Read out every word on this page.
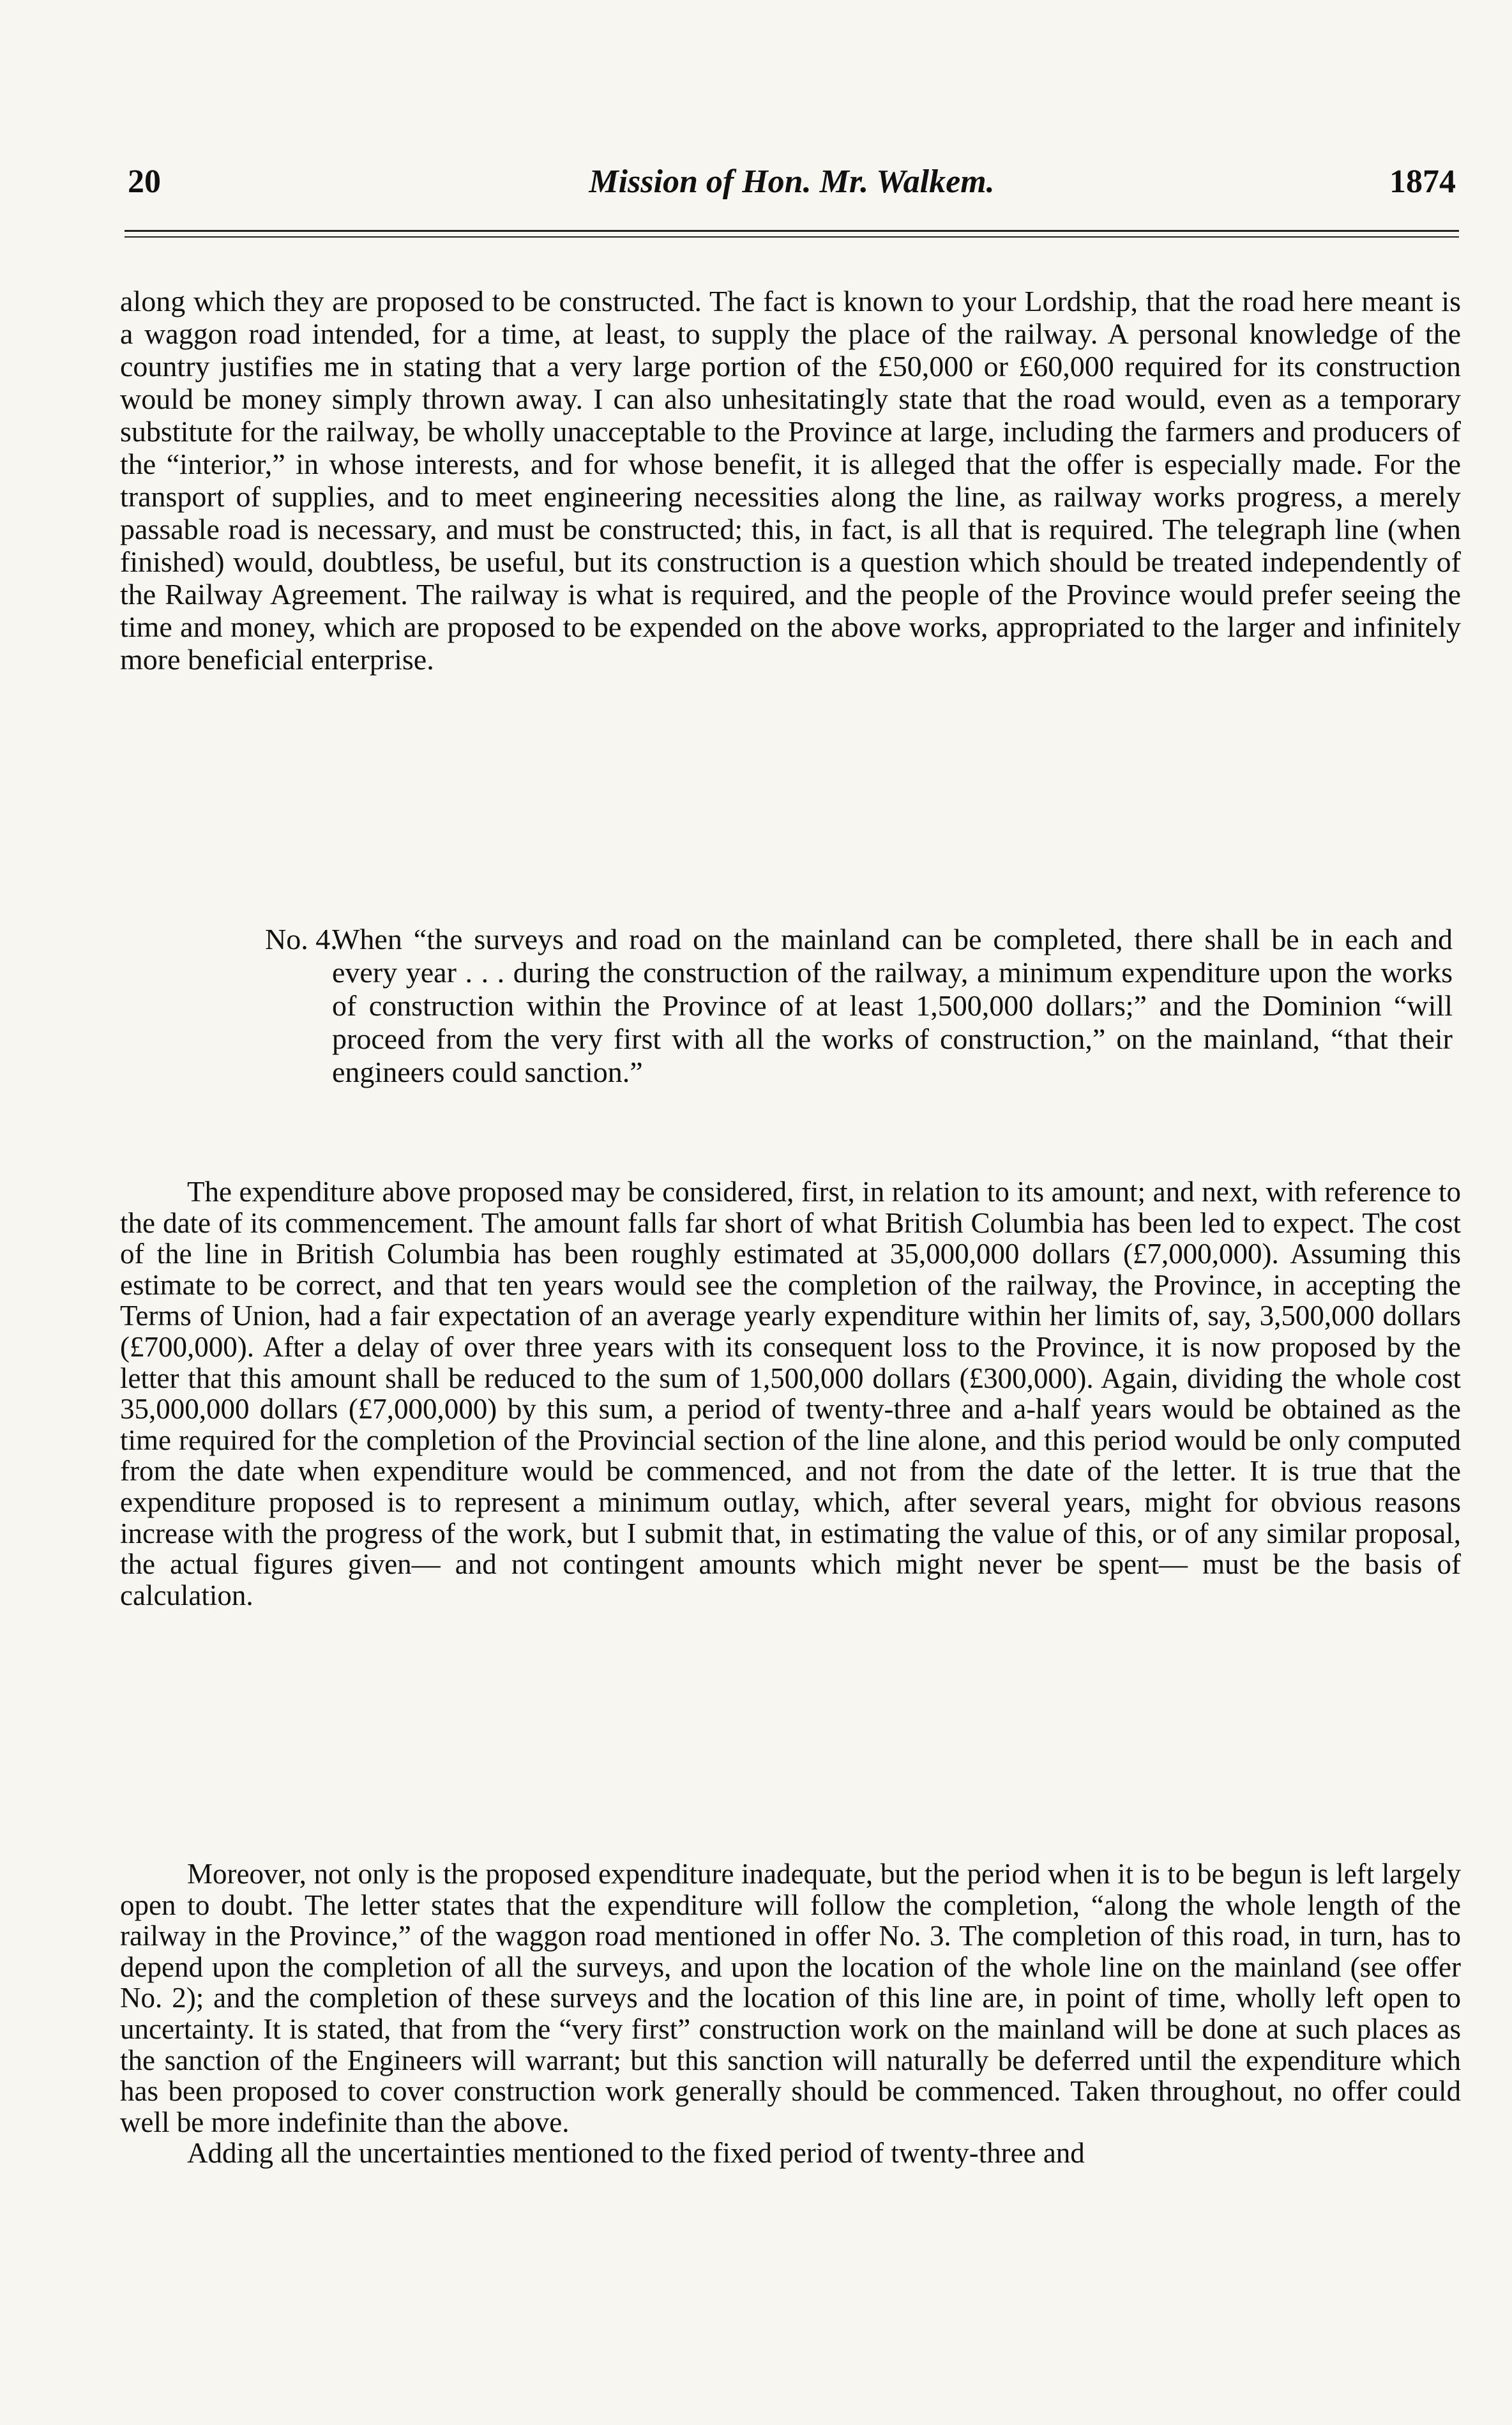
20	Mission of Hon. Mr. Walkem.	1874

along which they are proposed to be constructed. The fact is known to your Lordship, that the road here meant is a waggon road intended, for a time, at least, to supply the place of the railway. A personal knowledge of the country justifies me in stating that a very large portion of the £50,000 or £60,000 required for its construction would be money simply thrown away. I can also unhesitatingly state that the road would, even as a temporary substitute for the railway, be wholly unacceptable to the Province at large, including the farmers and producers of the “interior,” in whose interests, and for whose benefit, it is alleged that the offer is especially made. For the transport of supplies, and to meet engineering necessities along the line, as railway works progress, a merely passable road is necessary, and must be constructed; this, in fact, is all that is required. The telegraph line (when finished) would, doubtless, be useful, but its construction is a question which should be treated independently of the Railway Agreement. The railway is what is required, and the people of the Province would prefer seeing the time and money, which are proposed to be expended on the above works, appropriated to the larger and infinitely more beneficial enterprise.

No. 4.
When “the surveys and road on the mainland can be completed, there shall be in each and every year . . . during the construction of the railway, a minimum expenditure upon the works of construction within the Province of at least 1,500,000 dollars;” and the Dominion “will proceed from the very first with all the works of construction,” on the mainland, “that their engineers could sanction.”

The expenditure above proposed may be considered, first, in relation to its amount; and next, with reference to the date of its commencement. The amount falls far short of what British Columbia has been led to expect. The cost of the line in British Columbia has been roughly estimated at 35,000,000 dollars (£7,000,000). Assuming this estimate to be correct, and that ten years would see the completion of the railway, the Province, in accepting the Terms of Union, had a fair expectation of an average yearly expenditure within her limits of, say, 3,500,000 dollars (£700,000). After a delay of over three years with its consequent loss to the Province, it is now proposed by the letter that this amount shall be reduced to the sum of 1,500,000 dollars (£300,000). Again, dividing the whole cost 35,000,000 dollars (£7,000,000) by this sum, a period of twenty-three and a-half years would be obtained as the time required for the completion of the Provincial section of the line alone, and this period would be only computed from the date when expenditure would be commenced, and not from the date of the letter. It is true that the expenditure proposed is to represent a minimum outlay, which, after several years, might for obvious reasons increase with the progress of the work, but I submit that, in estimating the value of this, or of any similar proposal, the actual figures given— and not contingent amounts which might never be spent— must be the basis of calculation.

Moreover, not only is the proposed expenditure inadequate, but the period when it is to be begun is left largely open to doubt. The letter states that the expenditure will follow the completion, “along the whole length of the railway in the Province,” of the waggon road mentioned in offer No. 3. The completion of this road, in turn, has to depend upon the completion of all the surveys, and upon the location of the whole line on the mainland (see offer No. 2); and the completion of these surveys and the location of this line are, in point of time, wholly left open to uncertainty. It is stated, that from the “very first” construction work on the mainland will be done at such places as the sanction of the Engineers will warrant; but this sanction will naturally be deferred until the expenditure which has been proposed to cover construction work generally should be commenced. Taken throughout, no offer could well be more indefinite than the above.

Adding all the uncertainties mentioned to the fixed period of twenty-three and
